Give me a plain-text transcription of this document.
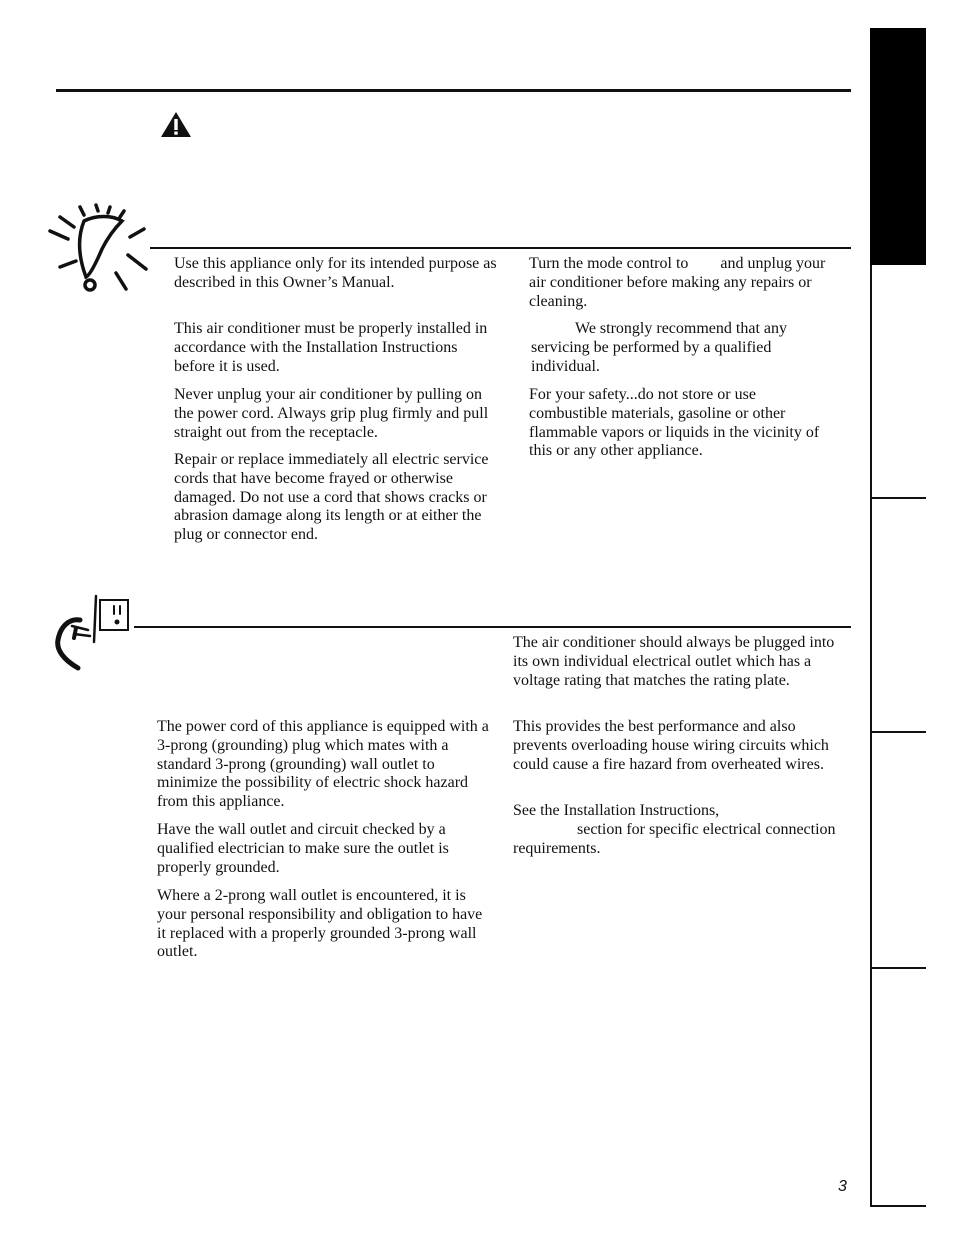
Use this appliance only for its intended purpose as described in this Owner’s Manual.

This air conditioner must be properly installed in accordance with the Installation Instructions before it is used.

Never unplug your air conditioner by pulling on the power cord. Always grip plug firmly and pull straight out from the receptacle.

Repair or replace immediately all electric service cords that have become frayed or otherwise damaged. Do not use a cord that shows cracks or abrasion damage along its length or at either the plug or connector end.

Turn the mode control to        and unplug your air conditioner before making any repairs or cleaning.

We strongly recommend that any servicing be performed by a qualified individual.

For your safety...do not store or use combustible materials, gasoline or other flammable vapors or liquids in the vicinity of this or any other appliance.

The air conditioner should always be plugged into its own individual electrical outlet which has a voltage rating that matches the rating plate.

This provides the best performance and also prevents overloading house wiring circuits which could cause a fire hazard from overheated wires.

See the Installation Instructions,
section for specific electrical connection requirements.

The power cord of this appliance is equipped with a 3-prong (grounding) plug which mates with a standard 3-prong (grounding) wall outlet to minimize the possibility of electric shock hazard from this appliance.

Have the wall outlet and circuit checked by a qualified electrician to make sure the outlet is properly grounded.

Where a 2-prong wall outlet is encountered, it is your personal responsibility and obligation to have it replaced with a properly grounded 3-prong wall outlet.

3
